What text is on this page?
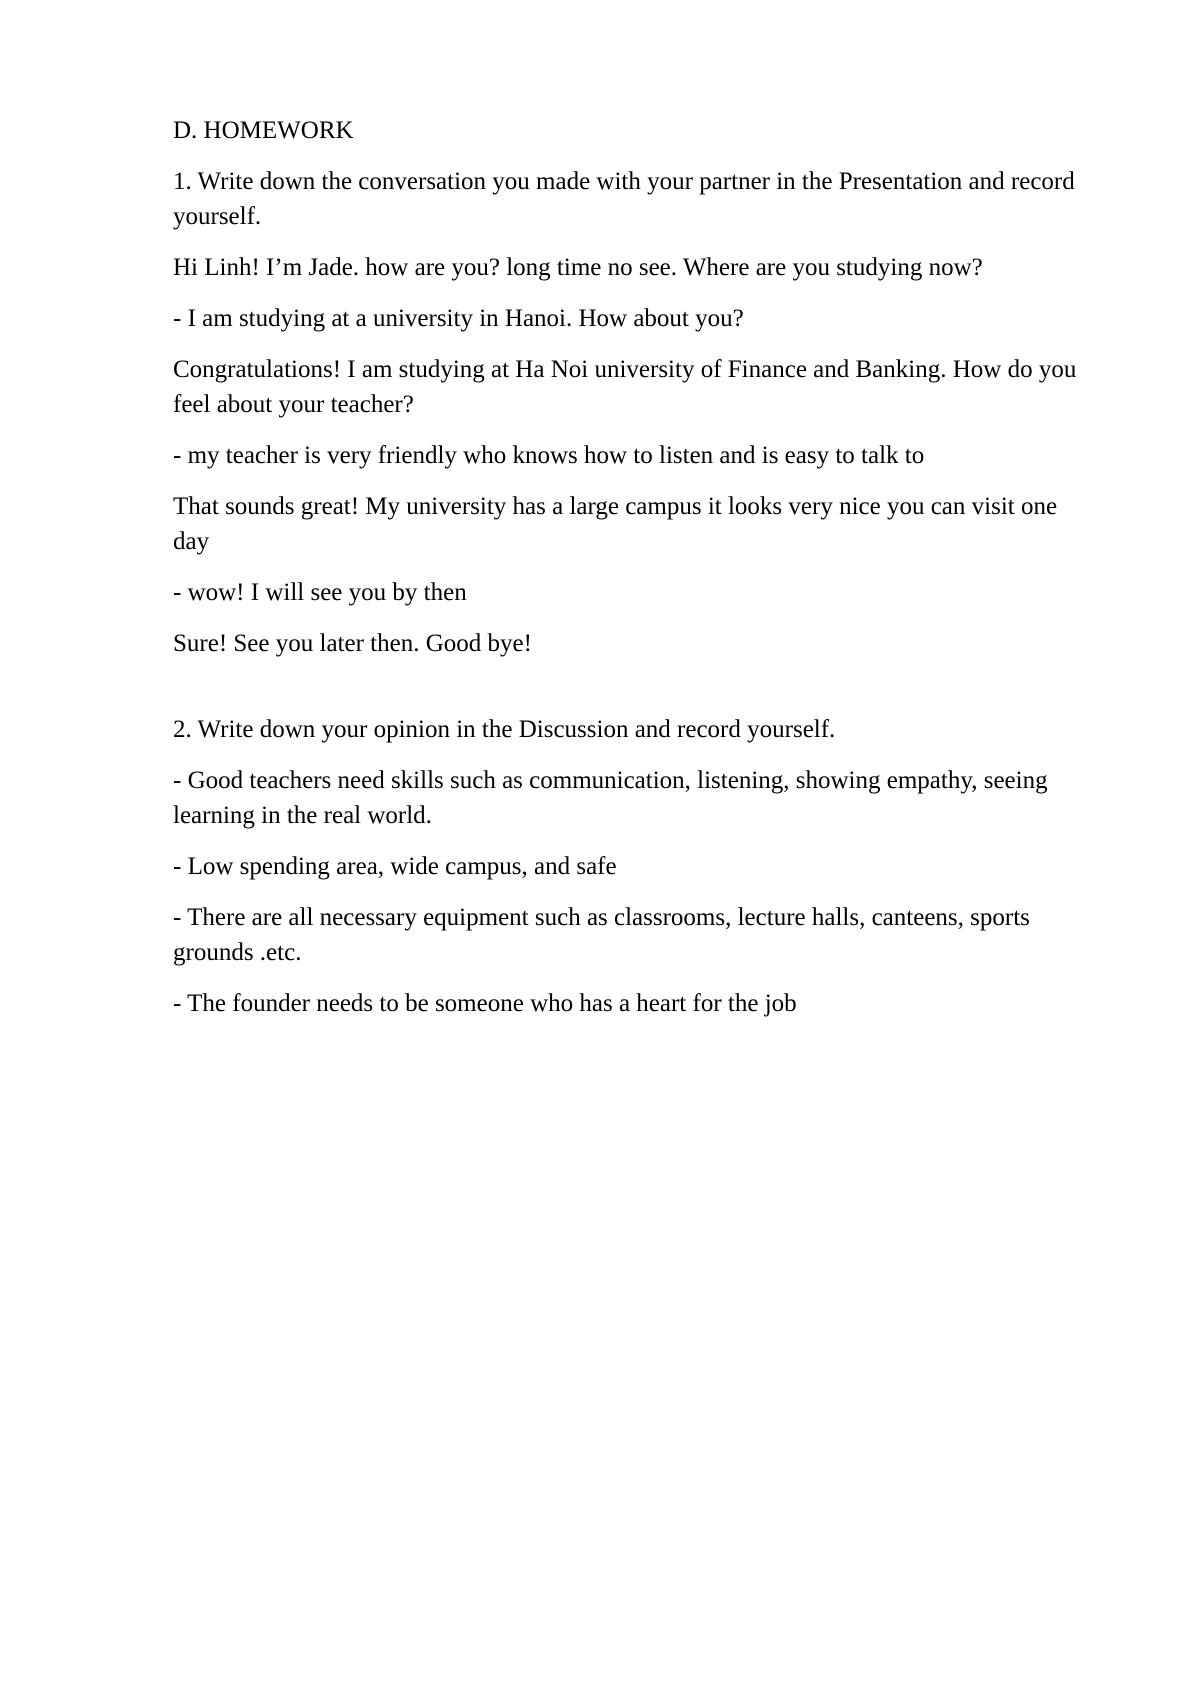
D. HOMEWORK

1. Write down the conversation you made with your partner in the Presentation and record yourself.

Hi Linh! I’m Jade. how are you? long time no see. Where are you studying now?

- I am studying at a university in Hanoi. How about you?

Congratulations! I am studying at Ha Noi university of Finance and Banking. How do you feel about your teacher?

- my teacher is very friendly who knows how to listen and is easy to talk to

That sounds great! My university has a large campus it looks very nice you can visit one day

- wow! I will see you by then

Sure! See you later then. Good bye!

2. Write down your opinion in the Discussion and record yourself.

- Good teachers need skills such as communication, listening, showing empathy, seeing learning in the real world.

- Low spending area, wide campus, and safe

- There are all necessary equipment such as classrooms, lecture halls, canteens, sports grounds .etc.

- The founder needs to be someone who has a heart for the job
